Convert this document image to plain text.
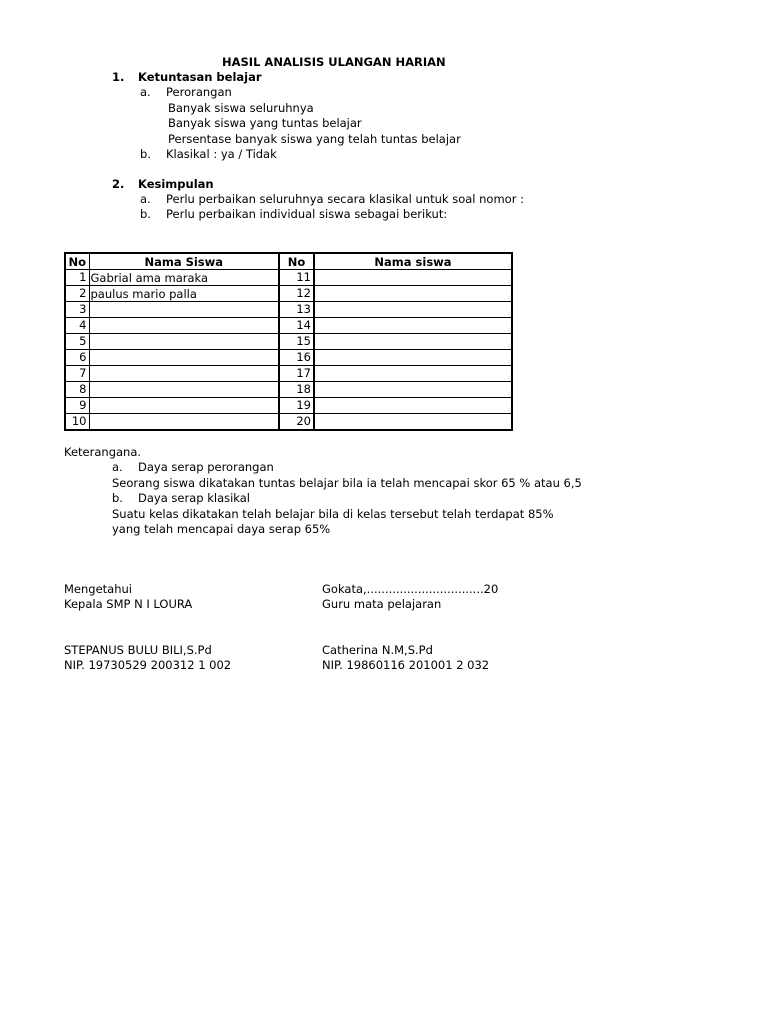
HASIL ANALISIS ULANGAN HARIAN
1. Ketuntasan belajar
a. Perorangan
Banyak siswa seluruhnya
Banyak siswa yang tuntas belajar
Persentase banyak siswa yang telah tuntas belajar
b. Klasikal : ya / Tidak
2. Kesimpulan
a. Perlu perbaikan seluruhnya secara klasikal untuk soal nomor :
b. Perlu perbaikan individual siswa sebagai berikut:
No	Nama Siswa	No	Nama siswa
1	Gabrial ama maraka	11	
2	paulus mario palla	12	
3		13	
4		14	
5		15	
6		16	
7		17	
8		18	
9		19	
10		20	
Keterangana.
a. Daya serap perorangan
Seorang siswa dikatakan tuntas belajar bila ia telah mencapai skor 65 % atau 6,5
b. Daya serap klasikal
Suatu kelas dikatakan telah belajar bila di kelas tersebut telah terdapat 85%
yang telah mencapai daya serap 65%
Mengetahui
Kepala SMP N I LOURA
STEPANUS BULU BILI,S.Pd
NIP. 19730529 200312 1 002
Gokata,................................20
Guru mata pelajaran
Catherina N.M,S.Pd
NIP. 19860116 201001 2 032
